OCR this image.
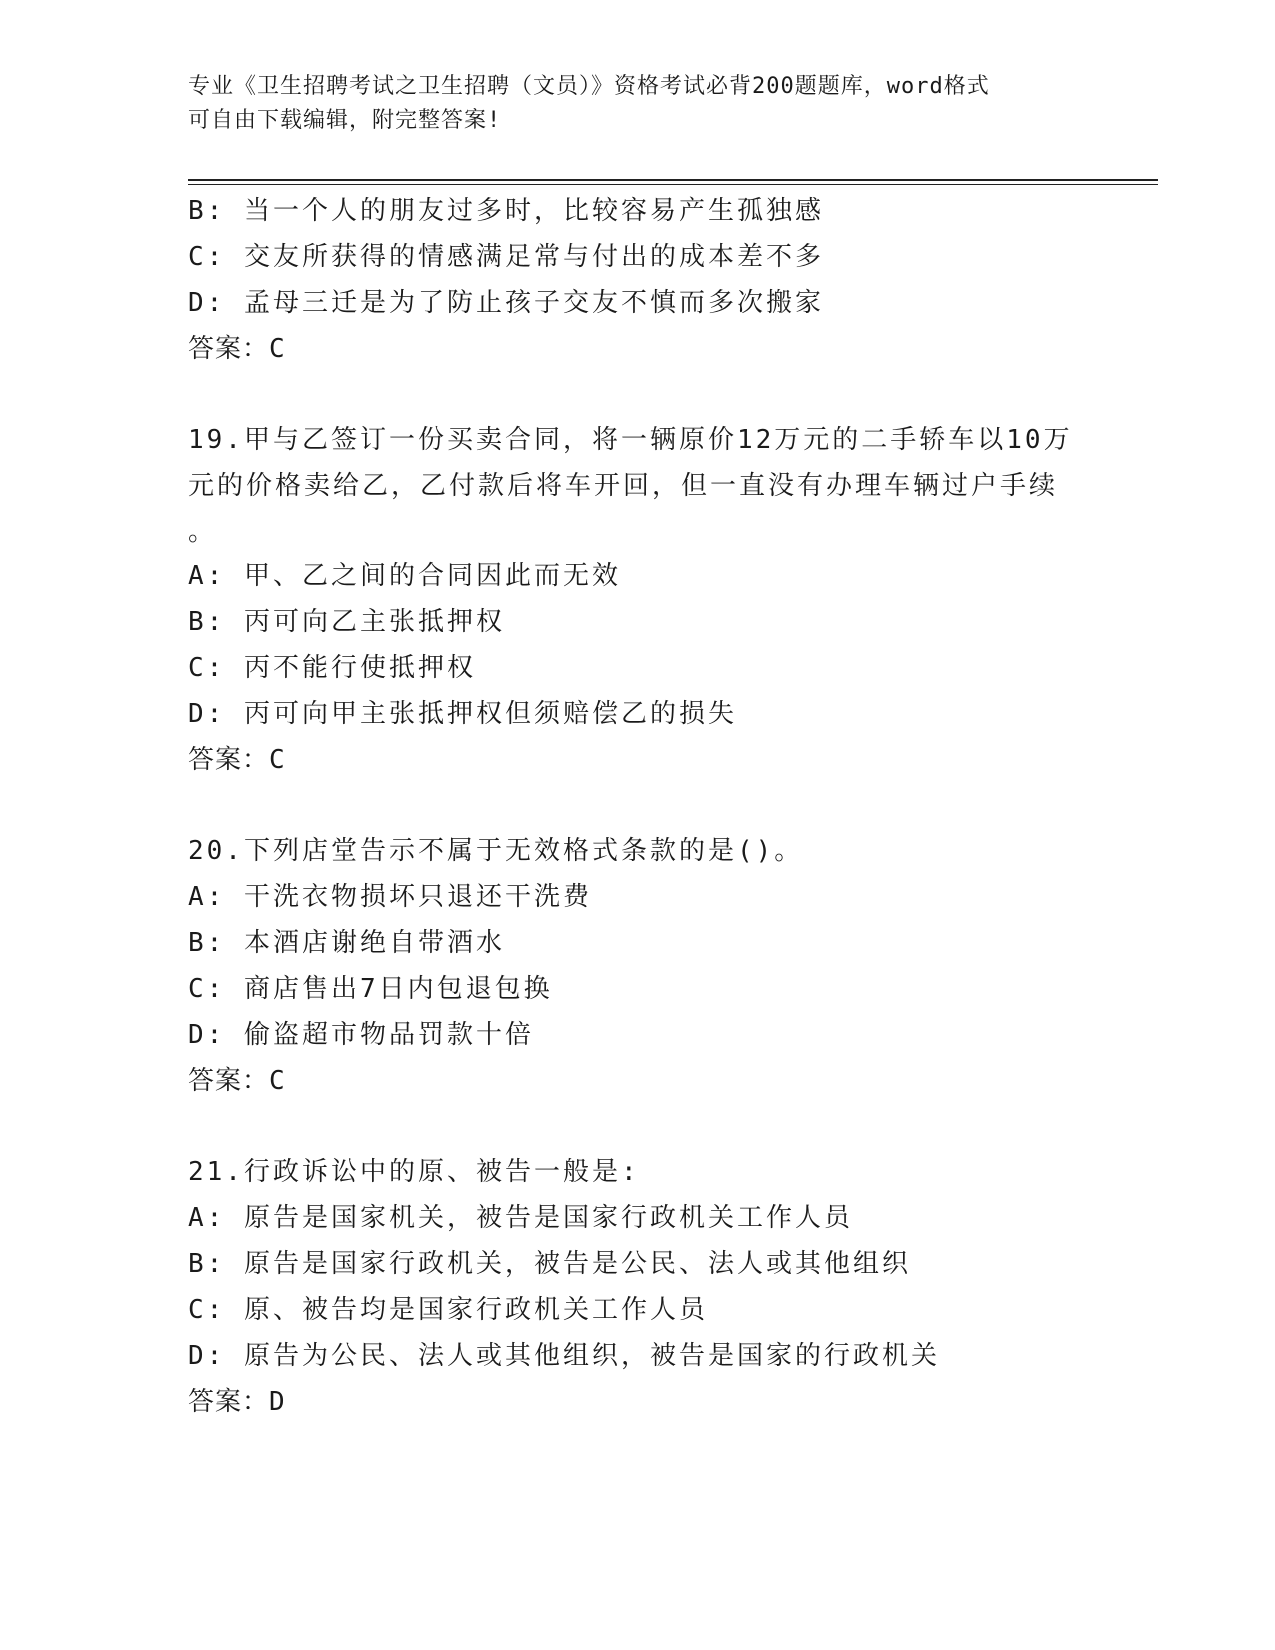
专业《卫生招聘考试之卫生招聘（文员）》资格考试必背200题题库，word格式
可自由下载编辑，附完整答案!
B: 当一个人的朋友过多时，比较容易产生孤独感
C: 交友所获得的情感满足常与付出的成本差不多
D: 孟母三迁是为了防止孩子交友不慎而多次搬家
答案：C
19.甲与乙签订一份买卖合同，将一辆原价12万元的二手轿车以10万
元的价格卖给乙，乙付款后将车开回，但一直没有办理车辆过户手续
。
A: 甲、乙之间的合同因此而无效
B: 丙可向乙主张抵押权
C: 丙不能行使抵押权
D: 丙可向甲主张抵押权但须赔偿乙的损失
答案：C
20.下列店堂告示不属于无效格式条款的是()。
A: 干洗衣物损坏只退还干洗费
B: 本酒店谢绝自带酒水
C: 商店售出7日内包退包换
D: 偷盗超市物品罚款十倍
答案：C
21.行政诉讼中的原、被告一般是:
A: 原告是国家机关，被告是国家行政机关工作人员
B: 原告是国家行政机关，被告是公民、法人或其他组织
C: 原、被告均是国家行政机关工作人员
D: 原告为公民、法人或其他组织，被告是国家的行政机关
答案：D
